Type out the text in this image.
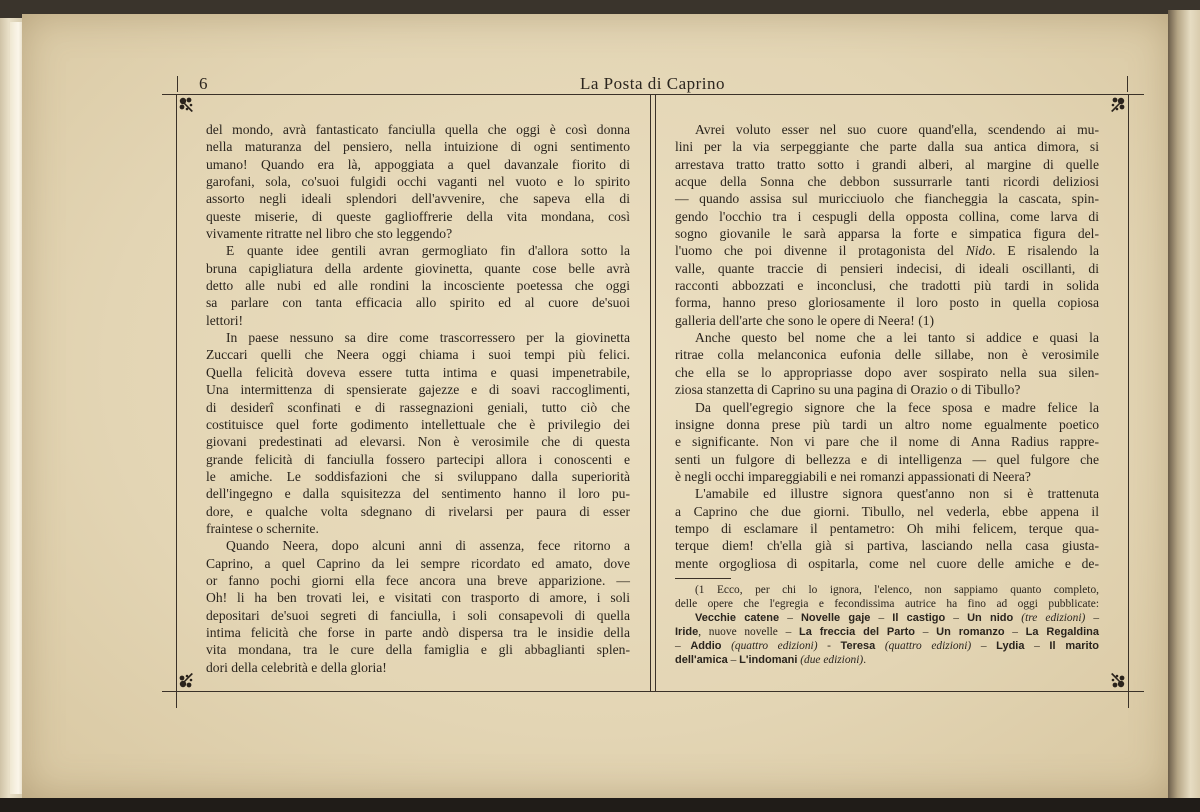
6	La Posta di Caprino

del mondo, avrà fantasticato fanciulla quella che oggi è così donna

nella maturanza del pensiero, nella intuizione di ogni sentimento

umano! Quando era là, appoggiata a quel davanzale fiorito di

garofani, sola, co'suoi fulgidi occhi vaganti nel vuoto e lo spirito

assorto negli ideali splendori dell'avvenire, che sapeva ella di

queste miserie, di queste gaglioffrerie della vita mondana, così

vivamente ritratte nel libro che sto leggendo?

E quante idee gentili avran germogliato fin d'allora sotto la

bruna capigliatura della ardente giovinetta, quante cose belle avrà

detto alle nubi ed alle rondini la incosciente poetessa che oggi

sa parlare con tanta efficacia allo spirito ed al cuore de'suoi

lettori!

In paese nessuno sa dire come trascorressero per la giovinetta

Zuccari quelli che Neera oggi chiama i suoi tempi più felici.

Quella felicità doveva essere tutta intima e quasi impenetrabile,

Una intermittenza di spensierate gajezze e di soavi raccoglimenti,

di desiderî sconfinati e di rassegnazioni geniali, tutto ciò che

costituisce quel forte godimento intellettuale che è privilegio dei

giovani predestinati ad elevarsi. Non è verosimile che di questa

grande felicità di fanciulla fossero partecipi allora i conoscenti e

le amiche. Le soddisfazioni che si sviluppano dalla superiorità

dell'ingegno e dalla squisitezza del sentimento hanno il loro pu-

dore, e qualche volta sdegnano di rivelarsi per paura di esser

fraintese o schernite.

Quando Neera, dopo alcuni anni di assenza, fece ritorno a

Caprino, a quel Caprino da lei sempre ricordato ed amato, dove

or fanno pochi giorni ella fece ancora una breve apparizione. —

Oh! li ha ben trovati lei, e visitati con trasporto di amore, i soli

depositari de'suoi segreti di fanciulla, i soli consapevoli di quella

intima felicità che forse in parte andò dispersa tra le insidie della

vita mondana, tra le cure della famiglia e gli abbaglianti splen-

dori della celebrità e della gloria!

Avrei voluto esser nel suo cuore quand'ella, scendendo ai mu-

lini per la via serpeggiante che parte dalla sua antica dimora, si

arrestava tratto tratto sotto i grandi alberi, al margine di quelle

acque della Sonna che debbon sussurrarle tanti ricordi deliziosi

— quando assisa sul muricciuolo che fiancheggia la cascata, spin-

gendo l'occhio tra i cespugli della opposta collina, come larva di

sogno giovanile le sarà apparsa la forte e simpatica figura del-

l'uomo che poi divenne il protagonista del Nido. E risalendo la

valle, quante traccie di pensieri indecisi, di ideali oscillanti, di

racconti abbozzati e inconclusi, che tradotti più tardi in solida

forma, hanno preso gloriosamente il loro posto in quella copiosa

galleria dell'arte che sono le opere di Neera! (1)

Anche questo bel nome che a lei tanto si addice e quasi la

ritrae colla melanconica eufonia delle sillabe, non è verosimile

che ella se lo appropriasse dopo aver sospirato nella sua silen-

ziosa stanzetta di Caprino su una pagina di Orazio o di Tibullo?

Da quell'egregio signore che la fece sposa e madre felice la

insigne donna prese più tardi un altro nome egualmente poetico

e significante. Non vi pare che il nome di Anna Radius rappre-

senti un fulgore di bellezza e di intelligenza — quel fulgore che

è negli occhi impareggiabili e nei romanzi appassionati di Neera?

L'amabile ed illustre signora quest'anno non si è trattenuta

a Caprino che due giorni. Tibullo, nel vederla, ebbe appena il

tempo di esclamare il pentametro: Oh mihi felicem, terque qua-

terque diem! ch'ella già si partiva, lasciando nella casa giusta-

mente orgogliosa di ospitarla, come nel cuore delle amiche e de-

(1 Ecco, per chi lo ignora, l'elenco, non sappiamo quanto completo,

delle opere che l'egregia e fecondissima autrice ha fino ad oggi pubblicate:

Vecchie catene – Novelle gaje – Il castigo – Un nido (tre edizioni) –

Iride, nuove novelle – La freccia del Parto – Un romanzo – La Regaldina

– Addio (quattro edizioni) - Teresa (quattro edizioni) – Lydia – Il marito

dell'amica – L'indomani (due edizioni).
